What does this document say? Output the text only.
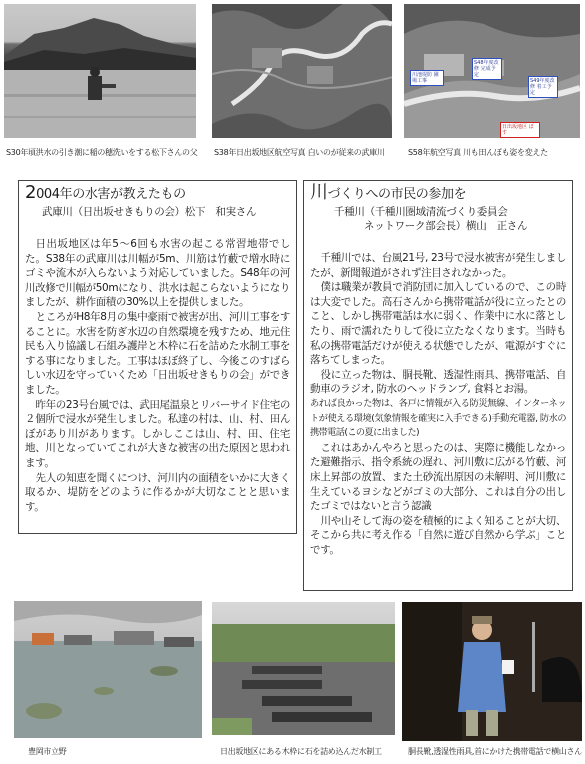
S30年頃洪水の引き潮に稲の穂洗いをする松下さんの父 S38年日出坂地区航空写真 白いのが従来の武庫川
川池堤防 圃場工事
S48年度改修 完成予定
S49年度改修 着工予定
日出坂地区 ぼす
S58年航空写真 川も田んぼも姿を変えた
2004年の水害が教えたもの
武庫川（日出坂せきもりの会）松下　和実さん

日出坂地区は年5～6回も水害の起こる常習地帯でした。S38年の武庫川は川幅が5m、川筋は竹藪で増水時にゴミや流木が入らないよう対応していました。S48年の河川改修で川幅が50mになり、洪水は起こらないようになりましたが、耕作面積の30%以上を提供しました。

ところがH8年8月の集中豪雨で被害が出、河川工事をすることに。水害を防ぎ水辺の自然環境を残すため、地元住民も入り協議し石組み護岸と木枠に石を詰めた水制工事をする事になりました。工事はほぼ終了し、今後このすばらしい水辺を守っていくため「日出坂せきもりの会」ができました。

昨年の23号台風では、武田尾温泉とリバーサイド住宅の２個所で浸水が発生しました。私達の村は、山、村、田んぼがあり川があります。しかしここは山、村、田、住宅地、川となっていてこれが大きな被害の出た原因と思われます。

先人の知恵を聞くにつけ、河川内の面積をいかに大きく取るか、堤防をどのように作るかが大切なことと思います。

川づくりへの市民の参加を
千種川（千種川圏域清流づくり委員会
ネットワーク部会長）横山　正さん

千種川では、台風21号, 23号で浸水被害が発生しましたが、新聞報道がされず注目されなかった。

僕は職業が教員で消防団に加入しているので、この時は大変でした。高石さんから携帯電話が役に立ったとのこと、しかし携帯電話は水に弱く、作業中に水に落としたり、雨で濡れたりして役に立たなくなります。当時も私の携帯電話だけが使える状態でしたが、電源がすぐに落ちてしまった。

役に立った物は、胴長靴、透湿性雨具、携帯電話、自動車のラジオ, 防水のヘッドランプ, 食料とお湯。

あれば良かった物は、各戸に情報が入る防災無線、インターネットが使える環境(気象情報を確実に入手できる)手動充電器, 防水の携帯電話(この夏に出ました)

これはあかんやろと思ったのは、実際に機能しなかった避難指示、指令系統の遅れ、河川敷に広がる竹藪、河床上昇部の放置、また土砂流出原因の未解明、河川敷に生えているヨシなどがゴミの大部分、これは自分の出したゴミではないと言う認識

川や山そして海の姿を積極的によく知ることが大切、そこから共に考え作る「自然に遊び自然から学ぶ」ことです。

豊岡市立野	日出坂地区にある木枠に石を詰め込んだ水制工	胴長靴,透湿性雨具,首にかけた携帯電話で横山さん
